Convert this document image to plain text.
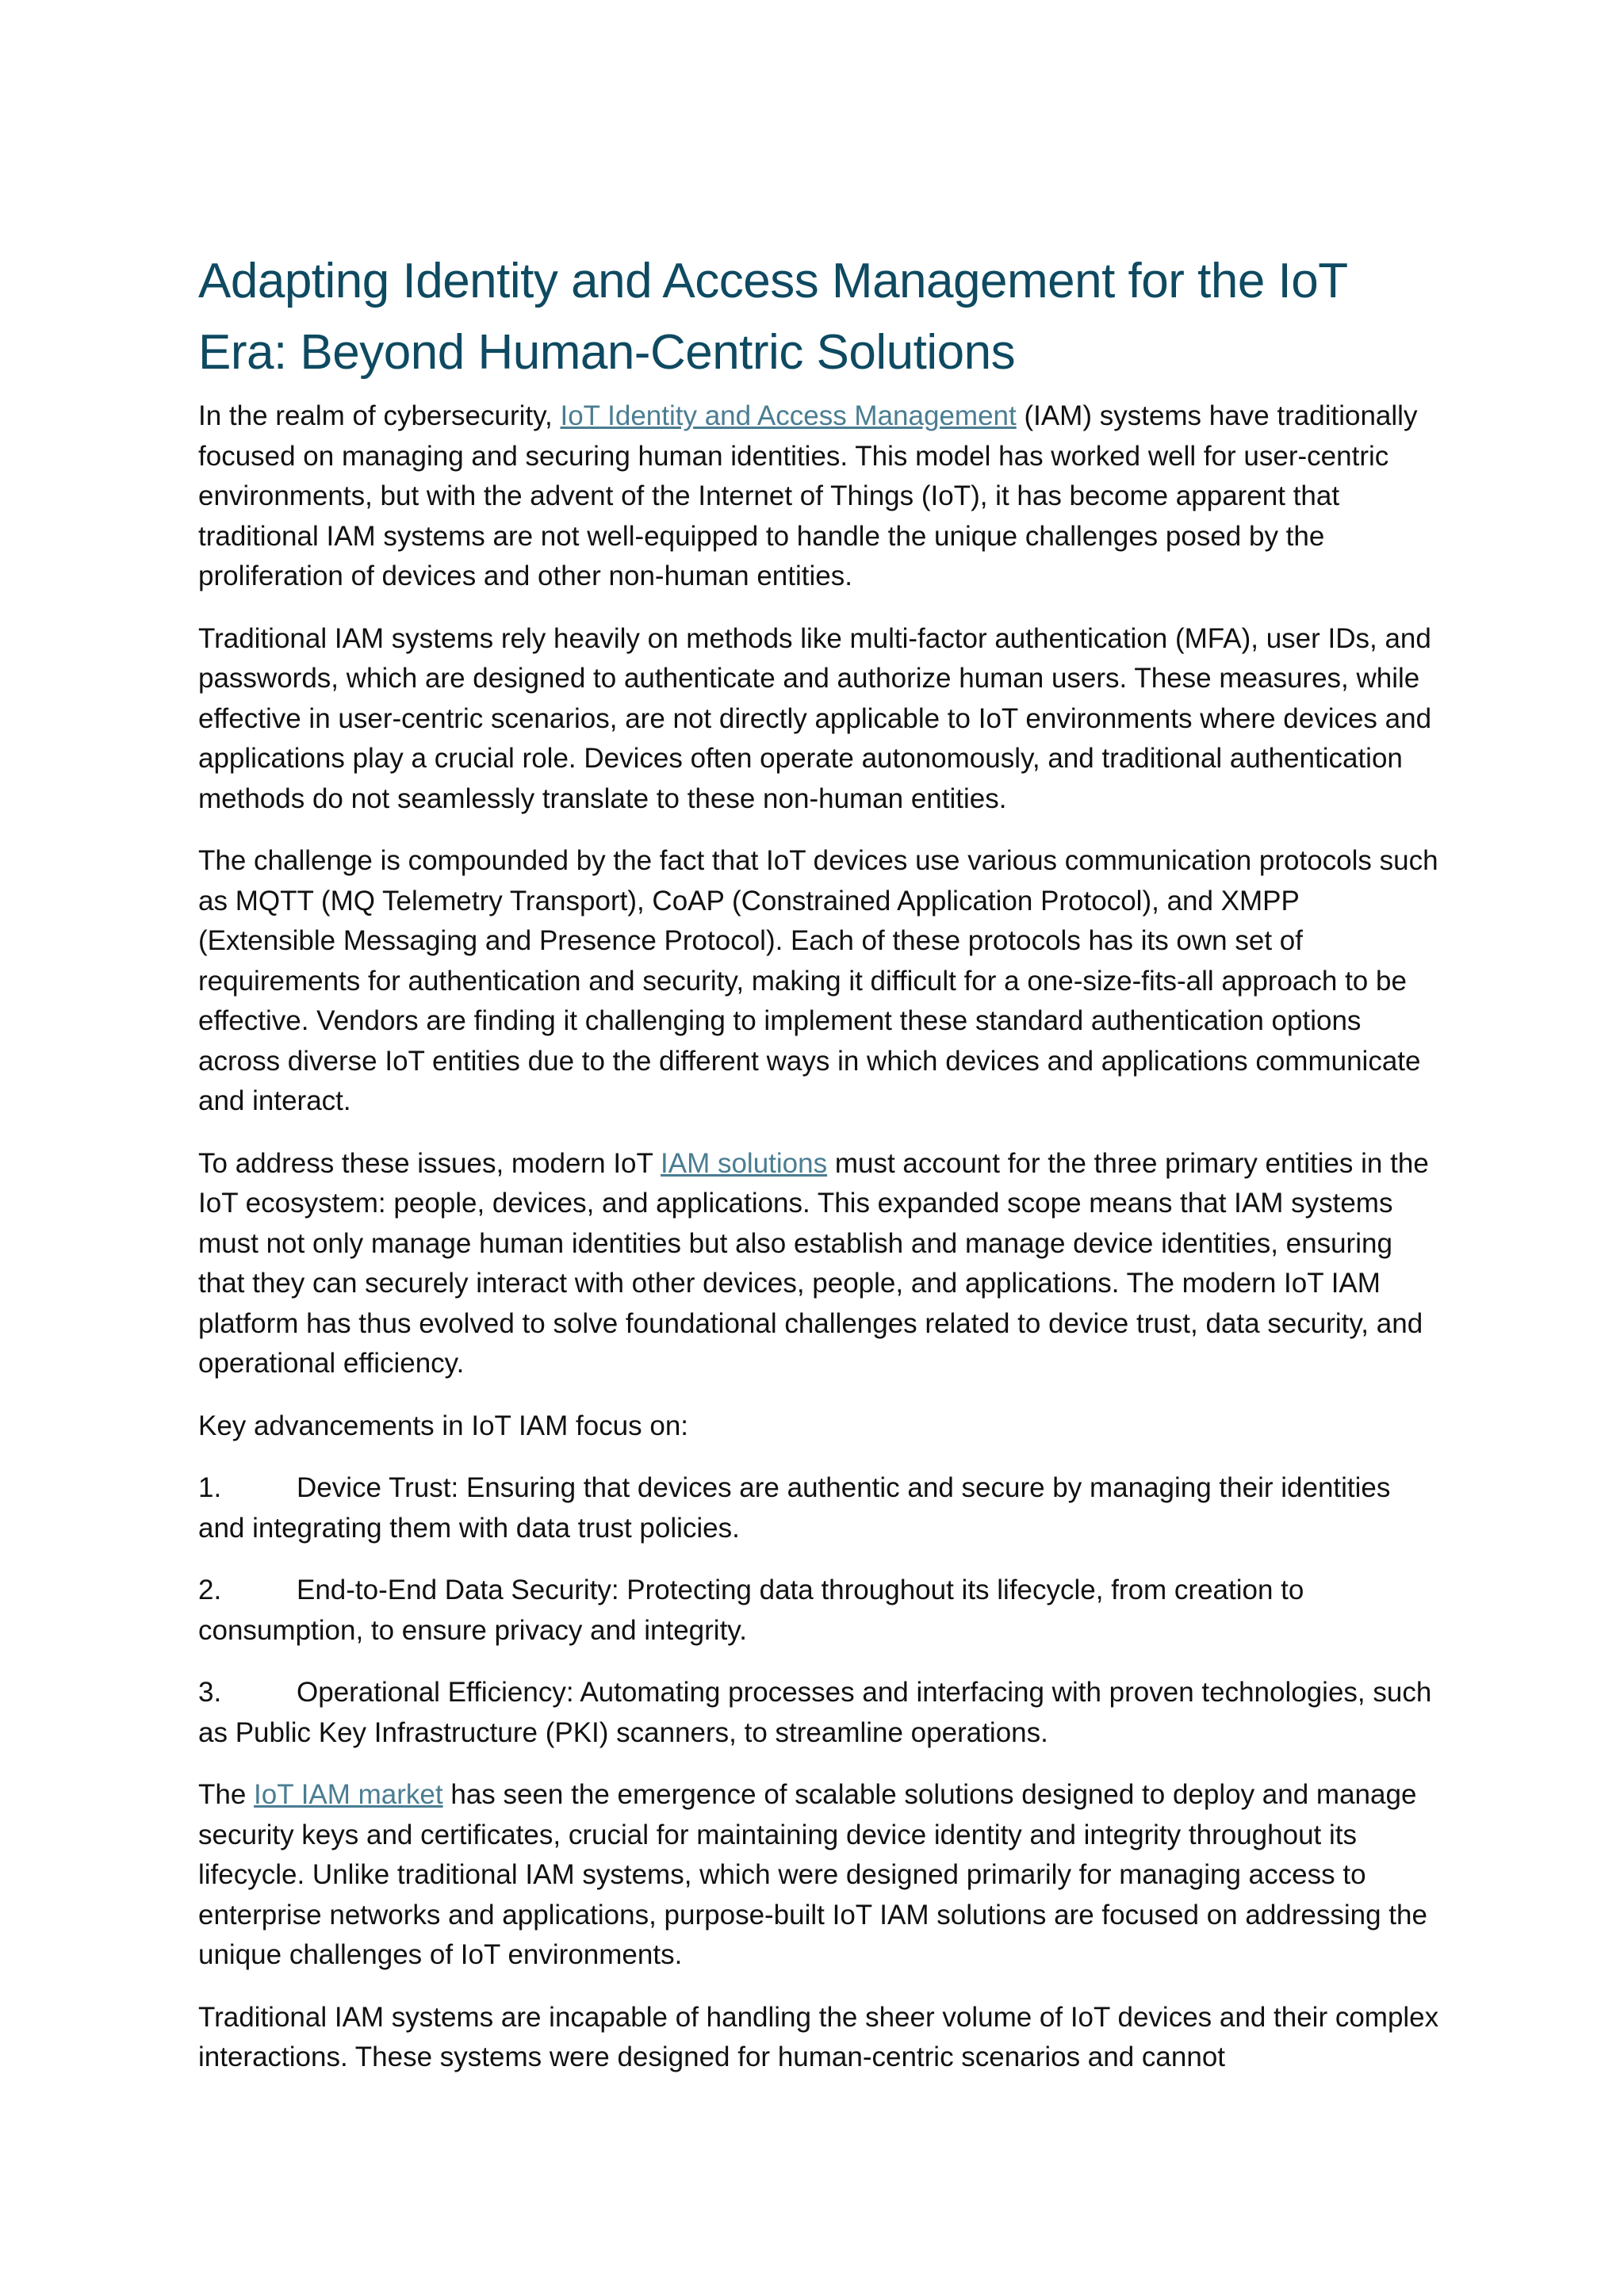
Adapting Identity and Access Management for the IoT Era: Beyond Human-Centric Solutions

In the realm of cybersecurity, IoT Identity and Access Management (IAM) systems have traditionally focused on managing and securing human identities. This model has worked well for user-centric environments, but with the advent of the Internet of Things (IoT), it has become apparent that traditional IAM systems are not well-equipped to handle the unique challenges posed by the proliferation of devices and other non-human entities.

Traditional IAM systems rely heavily on methods like multi-factor authentication (MFA), user IDs, and passwords, which are designed to authenticate and authorize human users. These measures, while effective in user-centric scenarios, are not directly applicable to IoT environments where devices and applications play a crucial role. Devices often operate autonomously, and traditional authentication methods do not seamlessly translate to these non-human entities.

The challenge is compounded by the fact that IoT devices use various communication protocols such as MQTT (MQ Telemetry Transport), CoAP (Constrained Application Protocol), and XMPP (Extensible Messaging and Presence Protocol). Each of these protocols has its own set of requirements for authentication and security, making it difficult for a one-size-fits-all approach to be effective. Vendors are finding it challenging to implement these standard authentication options across diverse IoT entities due to the different ways in which devices and applications communicate and interact.

To address these issues, modern IoT IAM solutions must account for the three primary entities in the IoT ecosystem: people, devices, and applications. This expanded scope means that IAM systems must not only manage human identities but also establish and manage device identities, ensuring that they can securely interact with other devices, people, and applications. The modern IoT IAM platform has thus evolved to solve foundational challenges related to device trust, data security, and operational efficiency.

Key advancements in IoT IAM focus on:

1.	Device Trust: Ensuring that devices are authentic and secure by managing their identities and integrating them with data trust policies.

2.	End-to-End Data Security: Protecting data throughout its lifecycle, from creation to consumption, to ensure privacy and integrity.

3.	Operational Efficiency: Automating processes and interfacing with proven technologies, such as Public Key Infrastructure (PKI) scanners, to streamline operations.

The IoT IAM market has seen the emergence of scalable solutions designed to deploy and manage security keys and certificates, crucial for maintaining device identity and integrity throughout its lifecycle. Unlike traditional IAM systems, which were designed primarily for managing access to enterprise networks and applications, purpose-built IoT IAM solutions are focused on addressing the unique challenges of IoT environments.

Traditional IAM systems are incapable of handling the sheer volume of IoT devices and their complex interactions. These systems were designed for human-centric scenarios and cannot
